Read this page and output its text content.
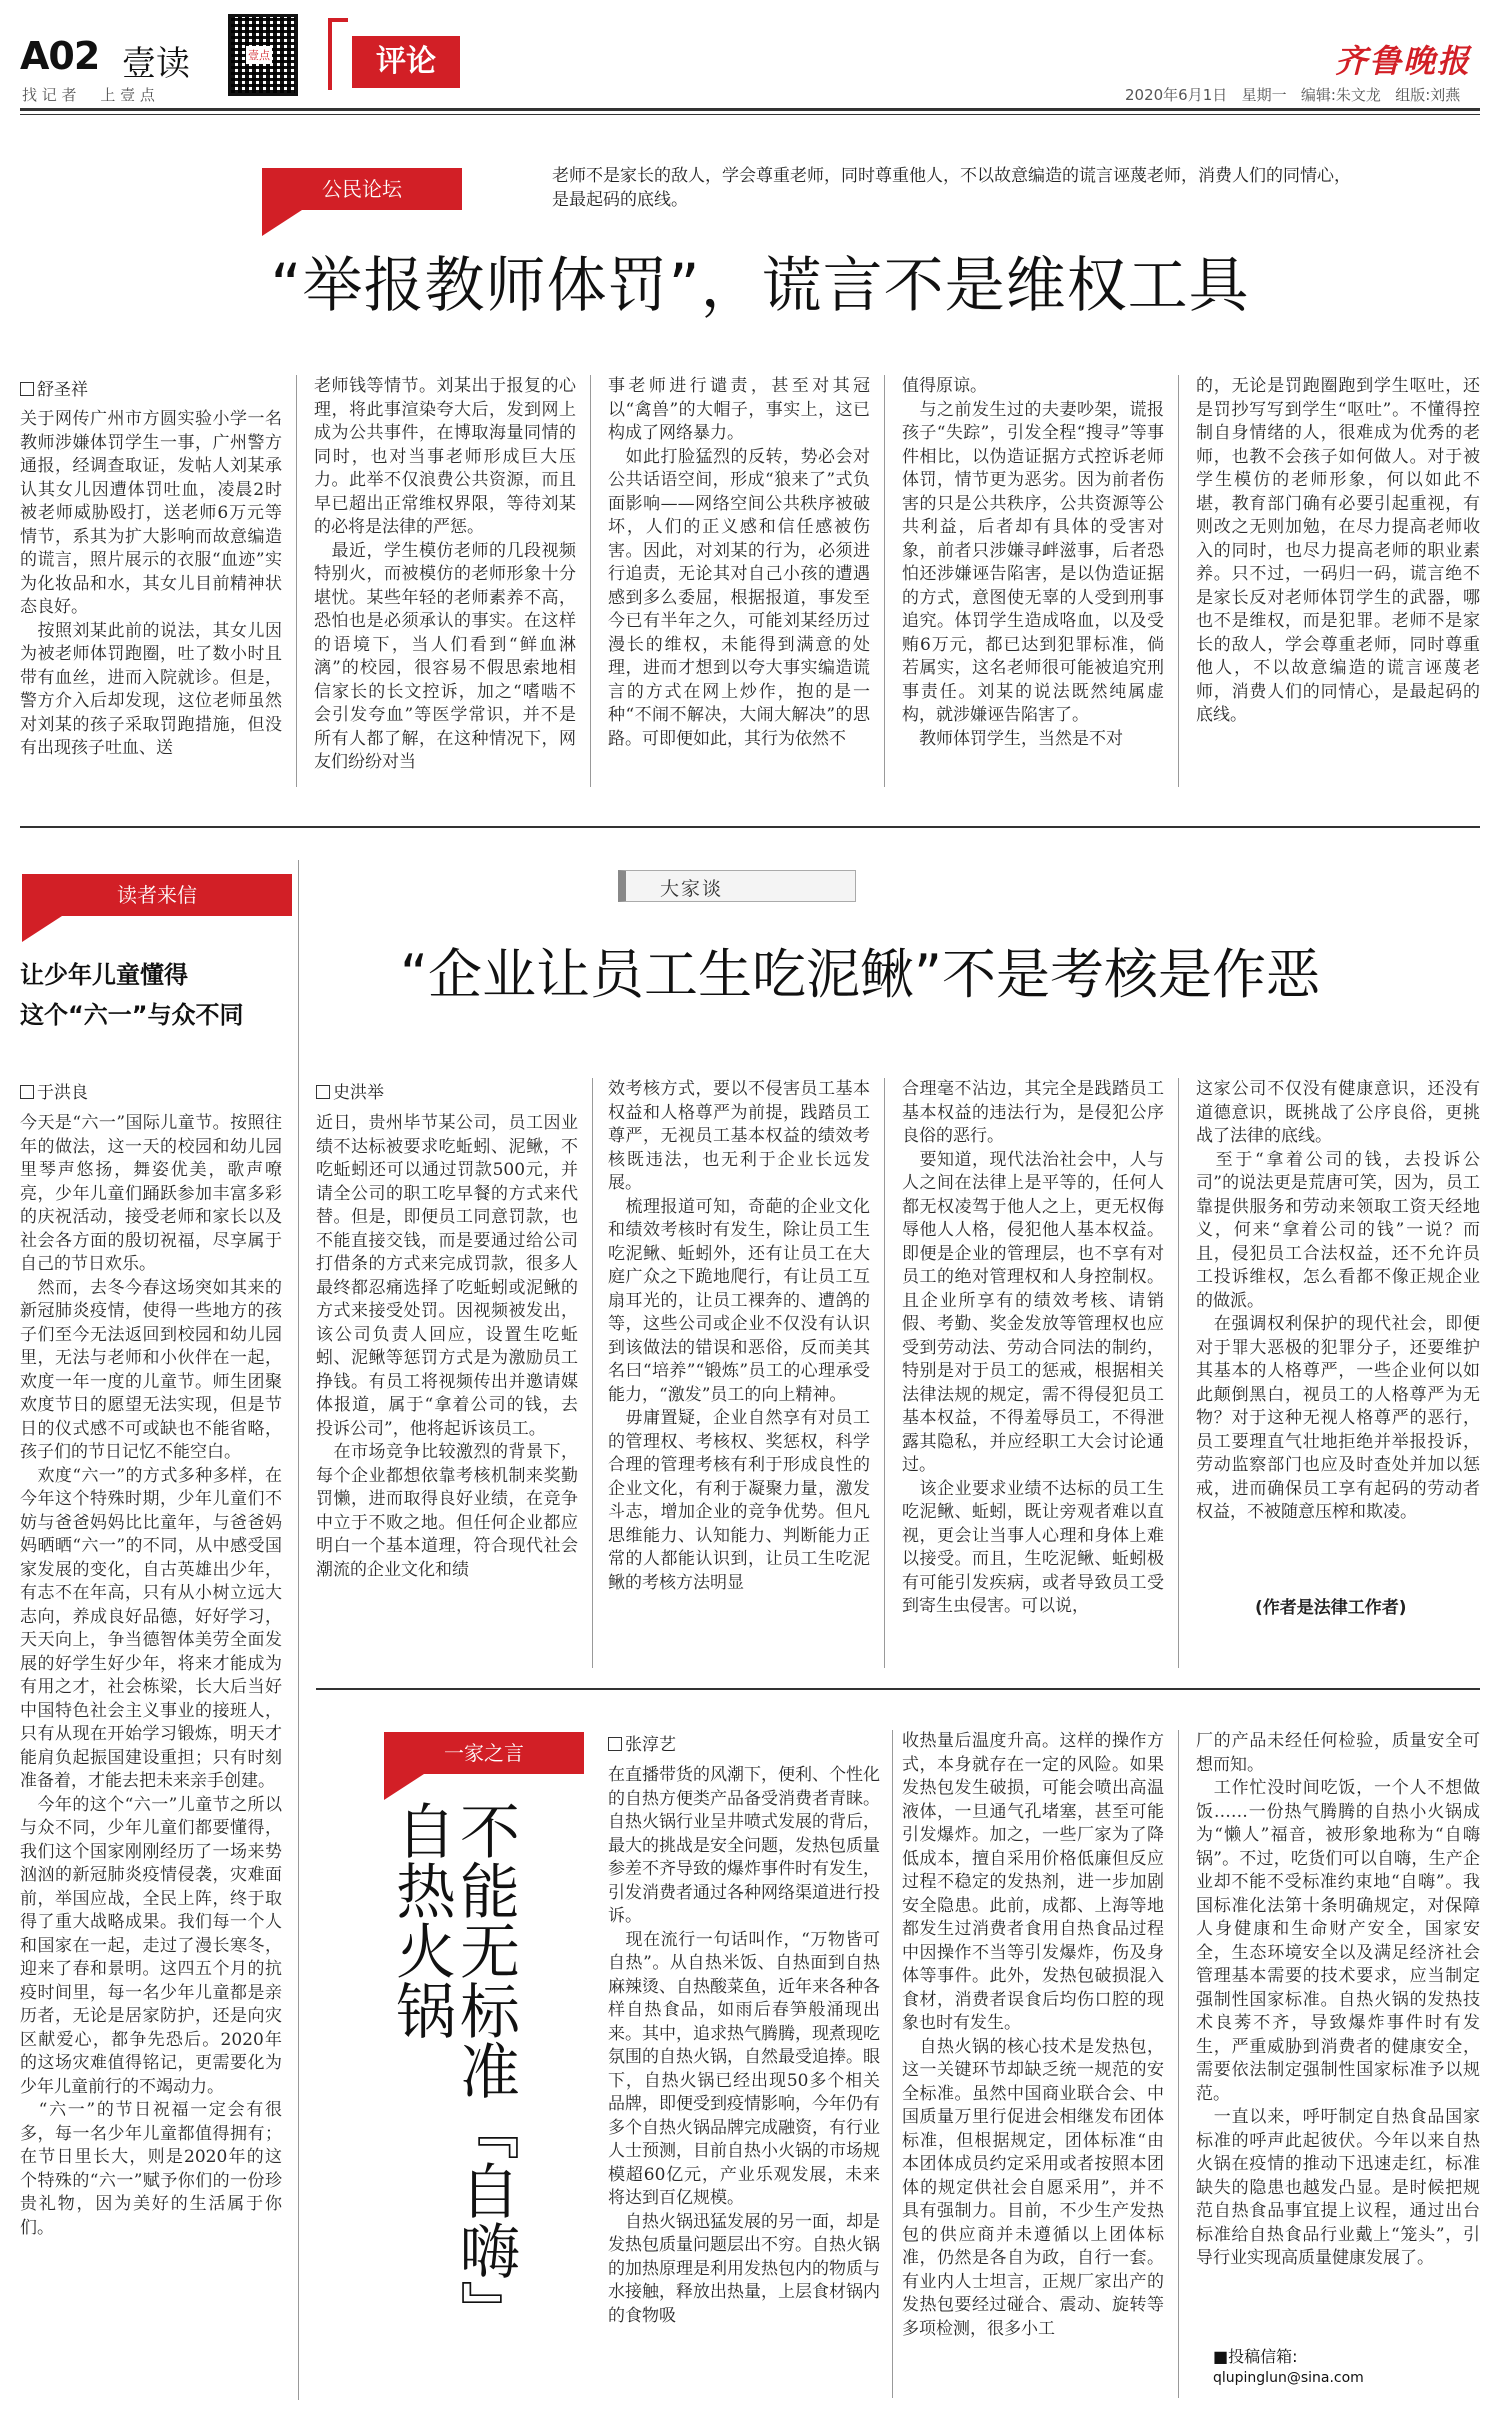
A02 壹读
找 记 者     上 壹 点
壹点	评论	齐鲁晚报
2020年6月1日   星期一   编辑:朱文龙   组版:刘燕
公民论坛
老师不是家长的敌人，学会尊重老师，同时尊重他人，不以故意编造的谎言诬蔑老师，消费人们的同情心，是最起码的底线。
“举报教师体罚”，谎言不是维权工具
舒圣祥
关于网传广州市方圆实验小学一名教师涉嫌体罚学生一事，广州警方通报，经调查取证，发帖人刘某承认其女儿因遭体罚吐血，凌晨2时被老师威胁殴打，送老师6万元等情节，系其为扩大影响而故意编造的谎言，照片展示的衣服“血迹”实为化妆品和水，其女儿目前精神状态良好。
　按照刘某此前的说法，其女儿因为被老师体罚跑圈，吐了数小时且带有血丝，进而入院就诊。但是，警方介入后却发现，这位老师虽然对刘某的孩子采取罚跑措施，但没有出现孩子吐血、送
老师钱等情节。刘某出于报复的心理，将此事渲染夸大后，发到网上成为公共事件，在博取海量同情的同时，也对当事老师形成巨大压力。此举不仅浪费公共资源，而且早已超出正常维权界限，等待刘某的必将是法律的严惩。
　最近，学生模仿老师的几段视频特别火，而被模仿的老师形象十分堪忧。某些年轻的老师素养不高，恐怕也是必须承认的事实。在这样的语境下，当人们看到“鲜血淋漓”的校园，很容易不假思索地相信家长的长文控诉，加之“嗜啮不会引发夸血”等医学常识，并不是所有人都了解，在这种情况下，网友们纷纷对当
事老师进行谴责，甚至对其冠以“禽兽”的大帽子，事实上，这已构成了网络暴力。
　如此打脸猛烈的反转，势必会对公共话语空间，形成“狼来了”式负面影响——网络空间公共秩序被破坏，人们的正义感和信任感被伤害。因此，对刘某的行为，必须进行追责，无论其对自己小孩的遭遇感到多么委屈，根据报道，事发至今已有半年之久，可能刘某经历过漫长的维权，未能得到满意的处理，进而才想到以夸大事实编造谎言的方式在网上炒作，抱的是一种“不闹不解决，大闹大解决”的思路。可即便如此，其行为依然不
值得原谅。
　与之前发生过的夫妻吵架，谎报孩子“失踪”，引发全程“搜寻”等事件相比，以伪造证据方式控诉老师体罚，情节更为恶劣。因为前者伤害的只是公共秩序，公共资源等公共利益，后者却有具体的受害对象，前者只涉嫌寻衅滋事，后者恐怕还涉嫌诬告陷害，是以伪造证据的方式，意图使无辜的人受到刑事追究。体罚学生造成咯血，以及受贿6万元，都已达到犯罪标准，倘若属实，这名老师很可能被追究刑事责任。刘某的说法既然纯属虚构，就涉嫌诬告陷害了。
　教师体罚学生，当然是不对
的，无论是罚跑圈跑到学生呕吐，还是罚抄写写到学生“呕吐”。不懂得控制自身情绪的人，很难成为优秀的老师，也教不会孩子如何做人。对于被学生模仿的老师形象，何以如此不堪，教育部门确有必要引起重视，有则改之无则加勉，在尽力提高老师收入的同时，也尽力提高老师的职业素养。只不过，一码归一码，谎言绝不是家长反对老师体罚学生的武器，哪也不是维权，而是犯罪。老师不是家长的敌人，学会尊重老师，同时尊重他人，不以故意编造的谎言诬蔑老师，消费人们的同情心，是最起码的底线。
读者来信
让少年儿童懂得
这个“六一”与众不同
于洪良
今天是“六一”国际儿童节。按照往年的做法，这一天的校园和幼儿园里琴声悠扬，舞姿优美，歌声嘹亮，少年儿童们踊跃参加丰富多彩的庆祝活动，接受老师和家长以及社会各方面的殷切祝福，尽享属于自己的节日欢乐。
　然而，去冬今春这场突如其来的新冠肺炎疫情，使得一些地方的孩子们至今无法返回到校园和幼儿园里，无法与老师和小伙伴在一起，欢度一年一度的儿童节。师生团聚欢度节日的愿望无法实现，但是节日的仪式感不可或缺也不能省略，孩子们的节日记忆不能空白。
　欢度“六一”的方式多种多样，在今年这个特殊时期，少年儿童们不妨与爸爸妈妈比比童年，与爸爸妈妈晒晒“六一”的不同，从中感受国家发展的变化，自古英雄出少年，有志不在年高，只有从小树立远大志向，养成良好品德，好好学习，天天向上，争当德智体美劳全面发展的好学生好少年，将来才能成为有用之才，社会栋梁，长大后当好中国特色社会主义事业的接班人，只有从现在开始学习锻炼，明天才能肩负起振国建设重担；只有时刻准备着，才能去把未来亲手创建。
　今年的这个“六一”儿童节之所以与众不同，少年儿童们都要懂得，我们这个国家刚刚经历了一场来势汹汹的新冠肺炎疫情侵袭，灾难面前，举国应战，全民上阵，终于取得了重大战略成果。我们每一个人和国家在一起，走过了漫长寒冬，迎来了春和景明。这四五个月的抗疫时间里，每一名少年儿童都是亲历者，无论是居家防护，还是向灾区献爱心，都争先恐后。2020年的这场灾难值得铭记，更需要化为少年儿童前行的不竭动力。
　“六一”的节日祝福一定会有很多，每一名少年儿童都值得拥有；在节日里长大，则是2020年的这个特殊的“六一”赋予你们的一份珍贵礼物，因为美好的生活属于你们。
大家谈
“企业让员工生吃泥鳅”不是考核是作恶
史洪举
近日，贵州毕节某公司，员工因业绩不达标被要求吃蚯蚓、泥鳅，不吃蚯蚓还可以通过罚款500元，并请全公司的职工吃早餐的方式来代替。但是，即便员工同意罚款，也不能直接交钱，而是要通过给公司打借条的方式来完成罚款，很多人最终都忍痛选择了吃蚯蚓或泥鳅的方式来接受处罚。因视频被发出，该公司负责人回应，设置生吃蚯蚓、泥鳅等惩罚方式是为激励员工挣钱。有员工将视频传出并邀请媒体报道，属于“拿着公司的钱，去投诉公司”，他将起诉该员工。
　在市场竞争比较激烈的背景下，每个企业都想依靠考核机制来奖勤罚懒，进而取得良好业绩，在竞争中立于不败之地。但任何企业都应明白一个基本道理，符合现代社会潮流的企业文化和绩
效考核方式，要以不侵害员工基本权益和人格尊严为前提，践踏员工尊严，无视员工基本权益的绩效考核既违法，也无利于企业长远发展。
　梳理报道可知，奇葩的企业文化和绩效考核时有发生，除让员工生吃泥鳅、蚯蚓外，还有让员工在大庭广众之下跪地爬行，有让员工互扇耳光的，让员工裸奔的、遭鸽的等，这些公司或企业不仅没有认识到该做法的错误和恶俗，反而美其名曰“培养”“锻炼”员工的心理承受能力，“激发”员工的向上精神。
　毋庸置疑，企业自然享有对员工的管理权、考核权、奖惩权，科学合理的管理考核有利于形成良性的企业文化，有利于凝聚力量，激发斗志，增加企业的竞争优势。但凡思维能力、认知能力、判断能力正常的人都能认识到，让员工生吃泥鳅的考核方法明显
合理毫不沾边，其完全是践踏员工基本权益的违法行为，是侵犯公序良俗的恶行。
　要知道，现代法治社会中，人与人之间在法律上是平等的，任何人都无权凌驾于他人之上，更无权侮辱他人人格，侵犯他人基本权益。即便是企业的管理层，也不享有对员工的绝对管理权和人身控制权。且企业所享有的绩效考核、请销假、考勤、奖金发放等管理权也应受到劳动法、劳动合同法的制约，特别是对于员工的惩戒，根据相关法律法规的规定，需不得侵犯员工基本权益，不得羞辱员工，不得泄露其隐私，并应经职工大会讨论通过。
　该企业要求业绩不达标的员工生吃泥鳅、蚯蚓，既让旁观者难以直视，更会让当事人心理和身体上难以接受。而且，生吃泥鳅、蚯蚓极有可能引发疾病，或者导致员工受到寄生虫侵害。可以说，
这家公司不仅没有健康意识，还没有道德意识，既挑战了公序良俗，更挑战了法律的底线。
　至于“拿着公司的钱，去投诉公司”的说法更是荒唐可笑，因为，员工靠提供服务和劳动来领取工资天经地义，何来“拿着公司的钱”一说？而且，侵犯员工合法权益，还不允许员工投诉维权，怎么看都不像正规企业的做派。
　在强调权利保护的现代社会，即便对于罪大恶极的犯罪分子，还要维护其基本的人格尊严，一些企业何以如此颠倒黑白，视员工的人格尊严为无物？对于这种无视人格尊严的恶行，员工要理直气壮地拒绝并举报投诉，劳动监察部门也应及时查处并加以惩戒，进而确保员工享有起码的劳动者权益，不被随意压榨和欺凌。
(作者是法律工作者)
一家之言
不能无标准『自嗨』
自热火锅
张淳艺
在直播带货的风潮下，便利、个性化的自热方便类产品备受消费者青睐。自热火锅行业呈井喷式发展的背后，最大的挑战是安全问题，发热包质量参差不齐导致的爆炸事件时有发生，引发消费者通过各种网络渠道进行投诉。
　现在流行一句话叫作，“万物皆可自热”。从自热米饭、自热面到自热麻辣烫、自热酸菜鱼，近年来各种各样自热食品，如雨后春笋般涌现出来。其中，追求热气腾腾，现煮现吃氛围的自热火锅，自然最受追捧。眼下，自热火锅已经出现50多个相关品牌，即便受到疫情影响，今年仍有多个自热火锅品牌完成融资，有行业人士预测，目前自热小火锅的市场规模超60亿元，产业乐观发展，未来将达到百亿规模。
　自热火锅迅猛发展的另一面，却是发热包质量问题层出不穷。自热火锅的加热原理是利用发热包内的物质与水接触，释放出热量，上层食材锅内的食物吸
收热量后温度升高。这样的操作方式，本身就存在一定的风险。如果发热包发生破损，可能会喷出高温液体，一旦通气孔堵塞，甚至可能引发爆炸。加之，一些厂家为了降低成本，擅自采用价格低廉但反应过程不稳定的发热剂，进一步加剧安全隐患。此前，成都、上海等地都发生过消费者食用自热食品过程中因操作不当等引发爆炸，伤及身体等事件。此外，发热包破损混入食材，消费者误食后均伤口腔的现象也时有发生。
　自热火锅的核心技术是发热包，这一关键环节却缺乏统一规范的安全标准。虽然中国商业联合会、中国质量万里行促进会相继发布团体标准，但根据规定，团体标准“由本团体成员约定采用或者按照本团体的规定供社会自愿采用”，并不具有强制力。目前，不少生产发热包的供应商并未遵循以上团体标准，仍然是各自为政，自行一套。有业内人士坦言，正规厂家出产的发热包要经过碰合、震动、旋转等多项检测，很多小工
厂的产品未经任何检验，质量安全可想而知。
　工作忙没时间吃饭，一个人不想做饭……一份热气腾腾的自热小火锅成为“懒人”福音，被形象地称为“自嗨锅”。不过，吃货们可以自嗨，生产企业却不能不受标准约束地“自嗨”。我国标准化法第十条明确规定，对保障人身健康和生命财产安全，国家安全，生态环境安全以及满足经济社会管理基本需要的技术要求，应当制定强制性国家标准。自热火锅的发热技术良莠不齐，导致爆炸事件时有发生，严重威胁到消费者的健康安全，需要依法制定强制性国家标准予以规范。
　一直以来，呼吁制定自热食品国家标准的呼声此起彼伏。今年以来自热火锅在疫情的推动下迅速走红，标准缺失的隐患也越发凸显。是时候把规范自热食品事宜提上议程，通过出台标准给自热食品行业戴上“笼头”，引导行业实现高质量健康发展了。
■投稿信箱:
qlupinglun@sina.com
